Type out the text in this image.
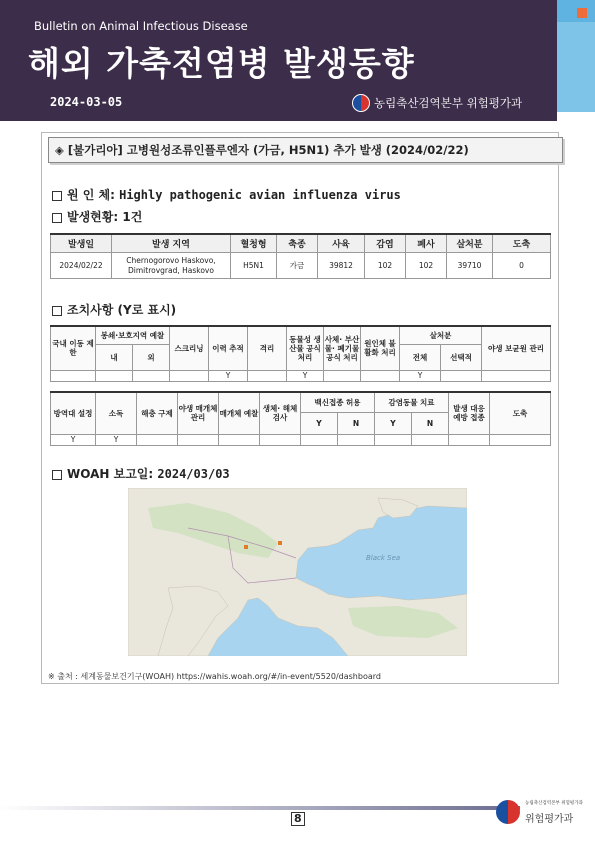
Bulletin on Animal Infectious Disease
해외 가축전염병 발생동향
2024-03-05	농림축산검역본부 위험평가과
◈ [불가리아] 고병원성조류인플루엔자 (가금, H5N1) 추가 발생 (2024/02/22)
원 인 체: Highly pathogenic avian influenza virus
발생현황: 1건
발생일	발생 지역	혈청형	축종	사육	감염	폐사	살처분	도축
2024/02/22	Chernogorovo Haskovo, Dimitrovgrad, Haskovo	H5N1	가금	39812	102	102	39710	0
조치사항 (Y로 표시)
국내 이동 제한	봉쇄·보호지역 예찰		스크리닝	이력 추적	격리	동물성 생산물 공식 처리	사체· 부산물· 폐기물 공식 처리	원인체 불활화 처리	살처분		야생 보균원 관리
	내	외							전체	선택적	
				Y		Y			Y		
방역대 설정	소독	해충 구제	야생 매개체 관리	매개체 예찰	생체· 해체 검사	백신접종 허용		감염동물 치료		발생 대응 예방 접종	도축
						Y	N	Y	N		
Y	Y										
WOAH 보고일: 2024/03/03
Black Sea
※ 출처 : 세계동물보건기구(WOAH) https://wahis.woah.org/#/in-event/5520/dashboard
8
농림축산검역본부 위험평가과
위험평가과
